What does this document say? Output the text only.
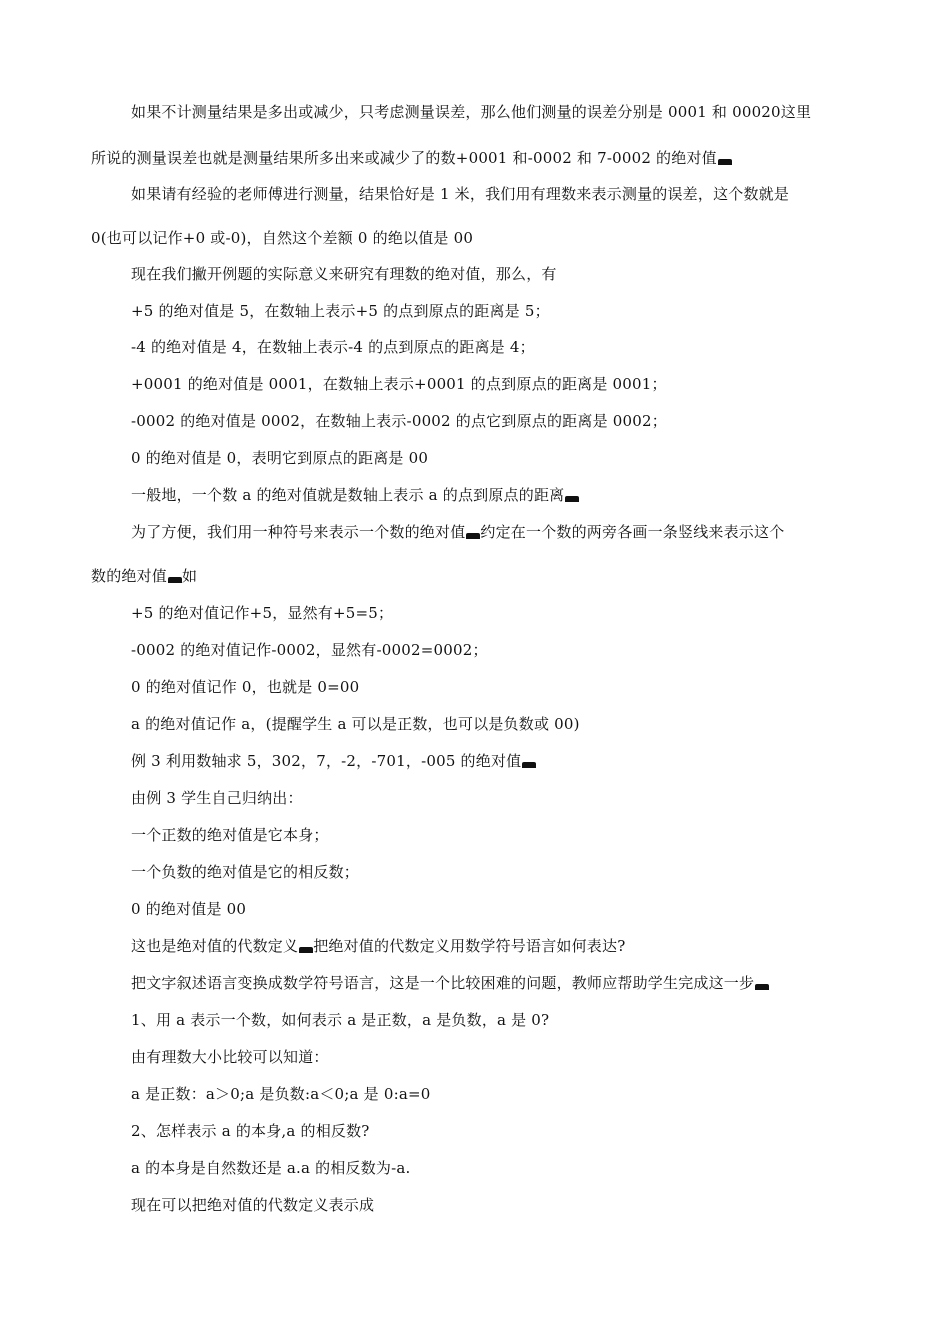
如果不计测量结果是多出或减少，只考虑测量误差，那么他们测量的误差分别是 0001 和 00020这里
所说的测量误差也就是测量结果所多出来或减少了的数+0001 和-0002 和 7-0002 的绝对值
如果请有经验的老师傅进行测量，结果恰好是 1 米，我们用有理数来表示测量的误差，这个数就是
0(也可以记作+0 或-0)，自然这个差额 0 的绝以值是 00
现在我们撇开例题的实际意义来研究有理数的绝对值，那么，有
+5 的绝对值是 5，在数轴上表示+5 的点到原点的距离是 5；
-4 的绝对值是 4，在数轴上表示-4 的点到原点的距离是 4；
+0001 的绝对值是 0001，在数轴上表示+0001 的点到原点的距离是 0001；
-0002 的绝对值是 0002，在数轴上表示-0002 的点它到原点的距离是 0002；
0 的绝对值是 0，表明它到原点的距离是 00
一般地，一个数 a 的绝对值就是数轴上表示 a 的点到原点的距离
为了方便，我们用一种符号来表示一个数的绝对值 约定在一个数的两旁各画一条竖线来表示这个
数的绝对值 如
+5 的绝对值记作+5，显然有+5=5；
-0002 的绝对值记作-0002，显然有-0002=0002；
0 的绝对值记作 0，也就是 0=00
a 的绝对值记作 a，(提醒学生 a 可以是正数，也可以是负数或 00)
例 3 利用数轴求 5，302，7，-2，-701，-005 的绝对值
由例 3 学生自己归纳出：
一个正数的绝对值是它本身；
一个负数的绝对值是它的相反数；
0 的绝对值是 00
这也是绝对值的代数定义 把绝对值的代数定义用数学符号语言如何表达?
把文字叙述语言变换成数学符号语言，这是一个比较困难的问题，教师应帮助学生完成这一步
1、用 a 表示一个数，如何表示 a 是正数，a 是负数，a 是 0?
由有理数大小比较可以知道：
a 是正数：a＞0;a 是负数:a＜0;a 是 0:a=0
2、怎样表示 a 的本身,a 的相反数?
a 的本身是自然数还是 a.a 的相反数为-a.
现在可以把绝对值的代数定义表示成
